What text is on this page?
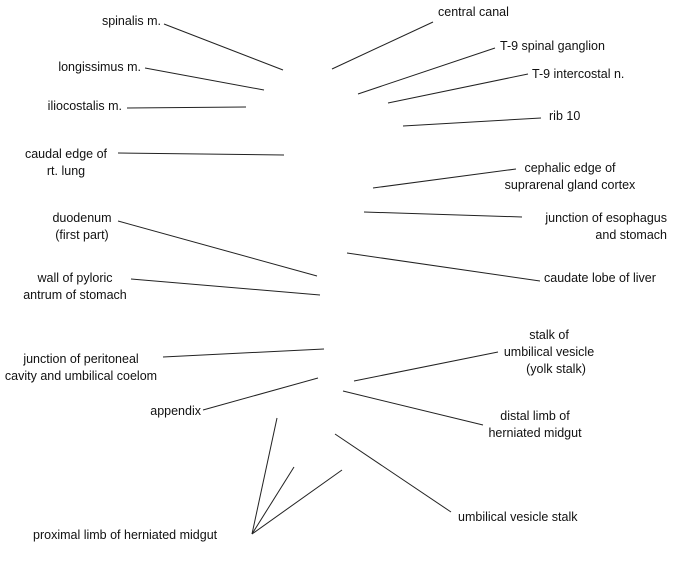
spinalis m.
longissimus m.
iliocostalis m.
caudal edge of
rt. lung
duodenum
(first part)
wall of pyloric
antrum of stomach
junction of peritoneal
cavity and umbilical coelom
appendix
proximal limb of herniated midgut
central canal
T-9 spinal ganglion
T-9 intercostal n.
rib 10
cephalic edge of
suprarenal gland cortex
junction of esophagus
and stomach
caudate lobe of liver
stalk of
umbilical vesicle
(yolk stalk)
distal limb of
herniated midgut
umbilical vesicle stalk
